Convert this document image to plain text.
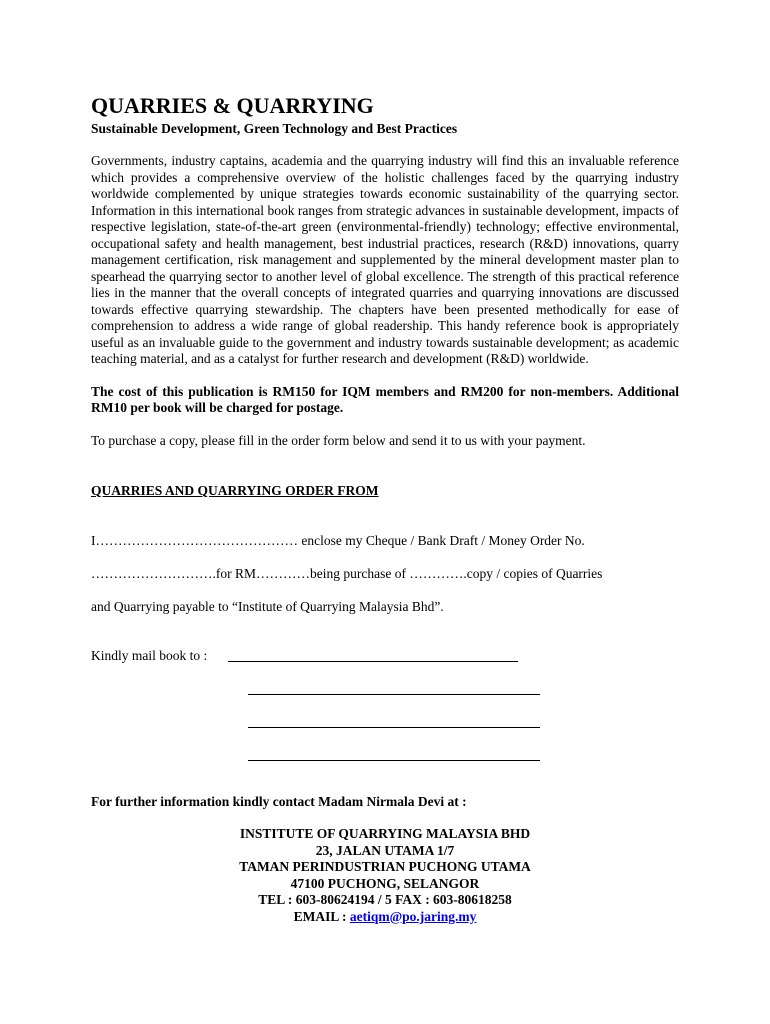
QUARRIES & QUARRYING

Sustainable Development, Green Technology and Best Practices

Governments, industry captains, academia and the quarrying industry will find this an invaluable reference which provides a comprehensive overview of the holistic challenges faced by the quarrying industry worldwide complemented by unique strategies towards economic sustainability of the quarrying sector. Information in this international book ranges from strategic advances in sustainable development, impacts of respective legislation, state-of-the-art green (environmental-friendly) technology; effective environmental, occupational safety and health management, best industrial practices, research (R&D) innovations, quarry management certification, risk management and supplemented by the mineral development master plan to spearhead the quarrying sector to another level of global excellence. The strength of this practical reference lies in the manner that the overall concepts of integrated quarries and quarrying innovations are discussed towards effective quarrying stewardship. The chapters have been presented methodically for ease of comprehension to address a wide range of global readership. This handy reference book is appropriately useful as an invaluable guide to the government and industry towards sustainable development; as academic teaching material, and as a catalyst for further research and development (R&D) worldwide.

The cost of this publication is RM150 for IQM members and RM200 for non-members. Additional RM10 per book will be charged for postage.

To purchase a copy, please fill in the order form below and send it to us with your payment.

QUARRIES AND QUARRYING ORDER FROM
I……………………………………… enclose my Cheque / Bank Draft / Money Order No.
……………………….for RM…………being purchase of ………….copy / copies of Quarries
and Quarrying payable to “Institute of Quarrying Malaysia Bhd”.
Kindly mail book to :
For further information kindly contact Madam Nirmala Devi at :
INSTITUTE OF QUARRYING MALAYSIA BHD
23, JALAN UTAMA 1/7
TAMAN PERINDUSTRIAN PUCHONG UTAMA
47100 PUCHONG, SELANGOR
TEL : 603-80624194 / 5 FAX : 603-80618258
EMAIL : aetiqm@po.jaring.my
